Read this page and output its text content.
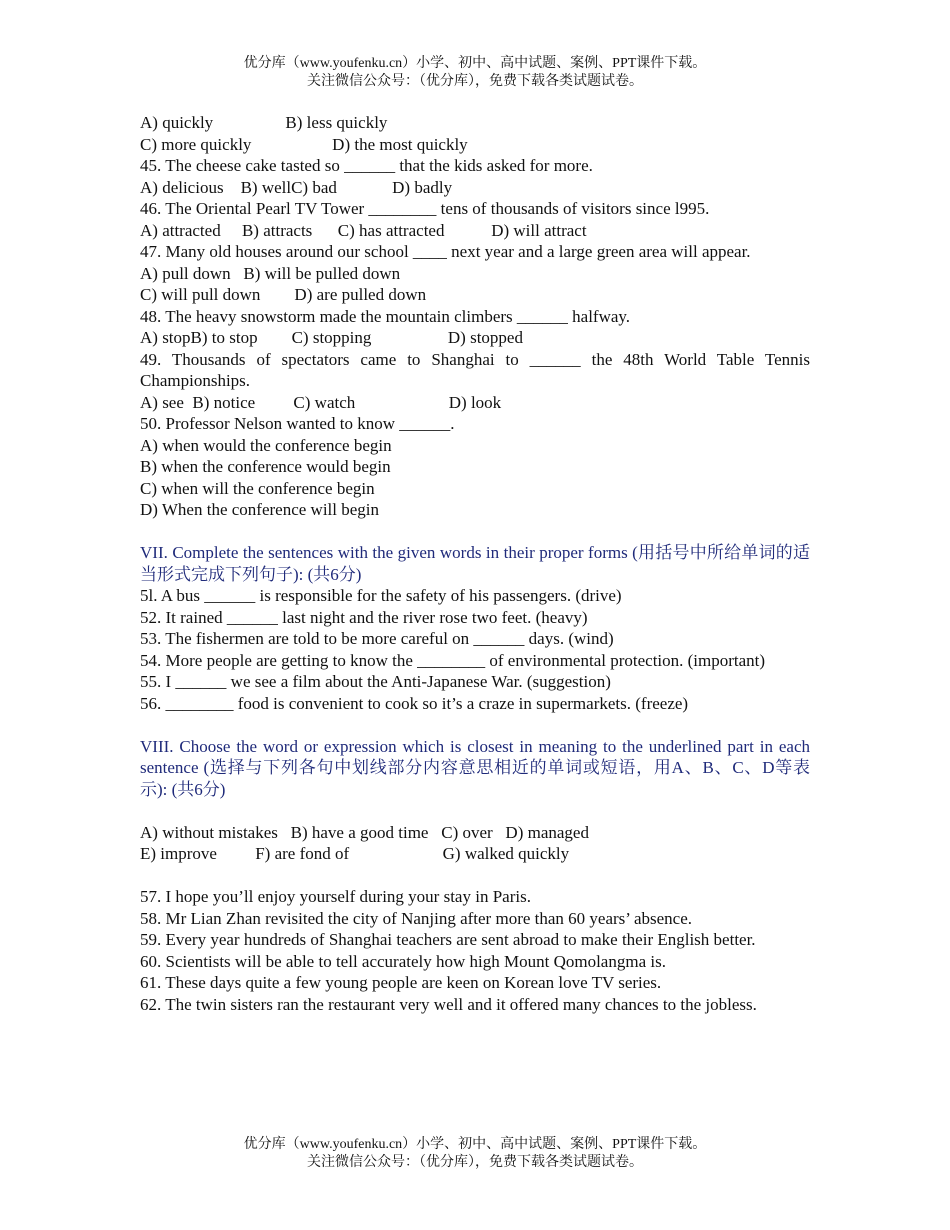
优分库（www.youfenku.cn）小学、初中、高中试题、案例、PPT课件下载。
关注微信公众号：（优分库），免费下载各类试题试卷。
A) quickly                 B) less quickly
C) more quickly                   D) the most quickly
45. The cheese cake tasted so ______ that the kids asked for more.
A) delicious    B) wellC) bad             D) badly
46. The Oriental Pearl TV Tower ________ tens of thousands of visitors since l995.
A) attracted     B) attracts      C) has attracted           D) will attract
47. Many old houses around our school ____ next year and a large green area will appear.
A) pull down   B) will be pulled down
C) will pull down        D) are pulled down
48. The heavy snowstorm made the mountain climbers ______ halfway.
A) stopB) to stop        C) stopping                  D) stopped
49. Thousands of spectators came to Shanghai to ______ the 48th World Table Tennis Championships.
A) see  B) notice         C) watch                      D) look
50. Professor Nelson wanted to know ______.
A) when would the conference begin
B) when the conference would begin
C) when will the conference begin
D) When the conference will begin
VII. Complete the sentences with the given words in their proper forms (用括号中所给单词的适当形式完成下列句子): (共6分)
5l. A bus ______ is responsible for the safety of his passengers. (drive)
52. It rained ______ last night and the river rose two feet. (heavy)
53. The fishermen are told to be more careful on ______ days. (wind)
54. More people are getting to know the ________ of environmental protection. (important)
55. I ______ we see a film about the Anti-Japanese War. (suggestion)
56. ________ food is convenient to cook so it’s a craze in supermarkets. (freeze)
VIII. Choose the word or expression which is closest in meaning to the underlined part in each sentence (选择与下列各句中划线部分内容意思相近的单词或短语，用A、B、C、D等表示): (共6分)
A) without mistakes   B) have a good time   C) over   D) managed
E) improve         F) are fond of                      G) walked quickly
57. I hope you’ll enjoy yourself during your stay in Paris.
58. Mr Lian Zhan revisited the city of Nanjing after more than 60 years’ absence.
59. Every year hundreds of Shanghai teachers are sent abroad to make their English better.
60. Scientists will be able to tell accurately how high Mount Qomolangma is.
61. These days quite a few young people are keen on Korean love TV series.
62. The twin sisters ran the restaurant very well and it offered many chances to the jobless.
优分库（www.youfenku.cn）小学、初中、高中试题、案例、PPT课件下载。
关注微信公众号：（优分库），免费下载各类试题试卷。
